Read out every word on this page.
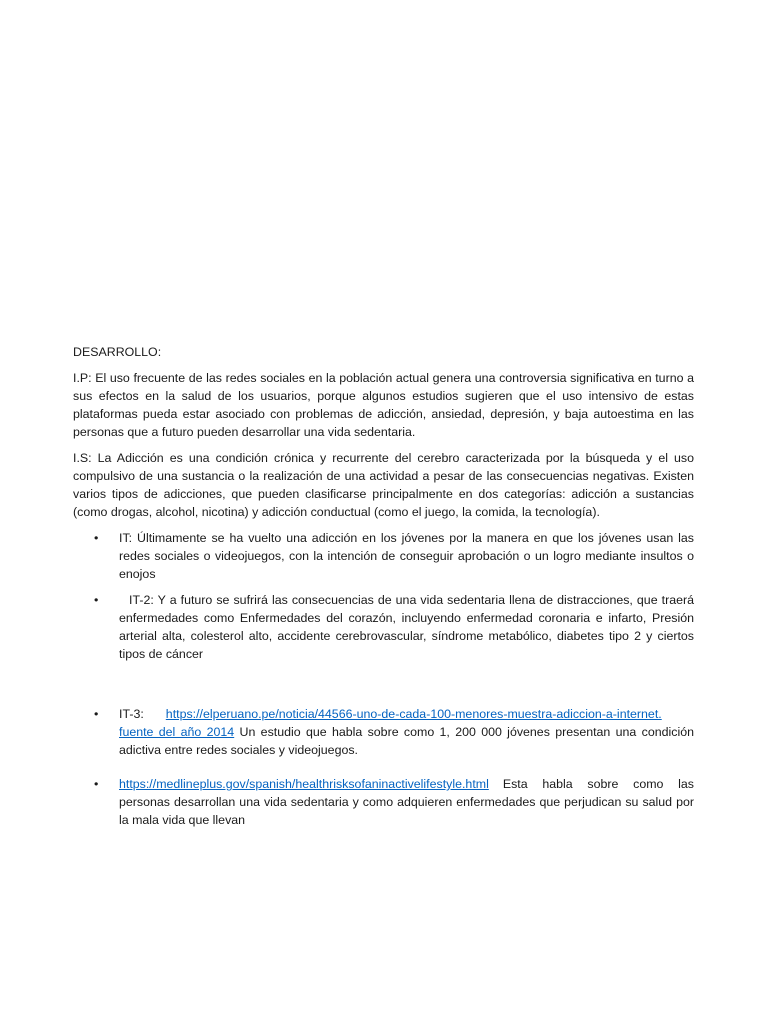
DESARROLLO:

I.P: El uso frecuente de las redes sociales en la población actual genera una controversia significativa en turno a sus efectos en la salud de los usuarios, porque algunos estudios sugieren que el uso intensivo de estas plataformas pueda estar asociado con problemas de adicción, ansiedad, depresión, y baja autoestima en las personas que a futuro pueden desarrollar una vida sedentaria.

I.S: La Adicción es una condición crónica y recurrente del cerebro caracterizada por la búsqueda y el uso compulsivo de una sustancia o la realización de una actividad a pesar de las consecuencias negativas. Existen varios tipos de adicciones, que pueden clasificarse principalmente en dos categorías: adicción a sustancias (como drogas, alcohol, nicotina) y adicción conductual (como el juego, la comida, la tecnología).

•	IT: Últimamente se ha vuelto una adicción en los jóvenes por la manera en que los jóvenes usan las redes sociales o videojuegos, con la intención de conseguir aprobación o un logro mediante insultos o enojos
•	IT-2: Y a futuro se sufrirá las consecuencias de una vida sedentaria llena de distracciones, que traerá enfermedades como Enfermedades del corazón, incluyendo enfermedad coronaria e infarto, Presión arterial alta, colesterol alto, accidente cerebrovascular, síndrome metabólico, diabetes tipo 2 y ciertos tipos de cáncer
•	IT-3: https://elperuano.pe/noticia/44566-uno-de-cada-100-menores-muestra-adiccion-a-internet. fuente del año 2014 Un estudio que habla sobre como 1, 200 000 jóvenes presentan una condición adictiva entre redes sociales y videojuegos.
•	https://medlineplus.gov/spanish/healthrisksofaninactivelifestyle.html Esta habla sobre como las personas desarrollan una vida sedentaria y como adquieren enfermedades que perjudican su salud por la mala vida que llevan
